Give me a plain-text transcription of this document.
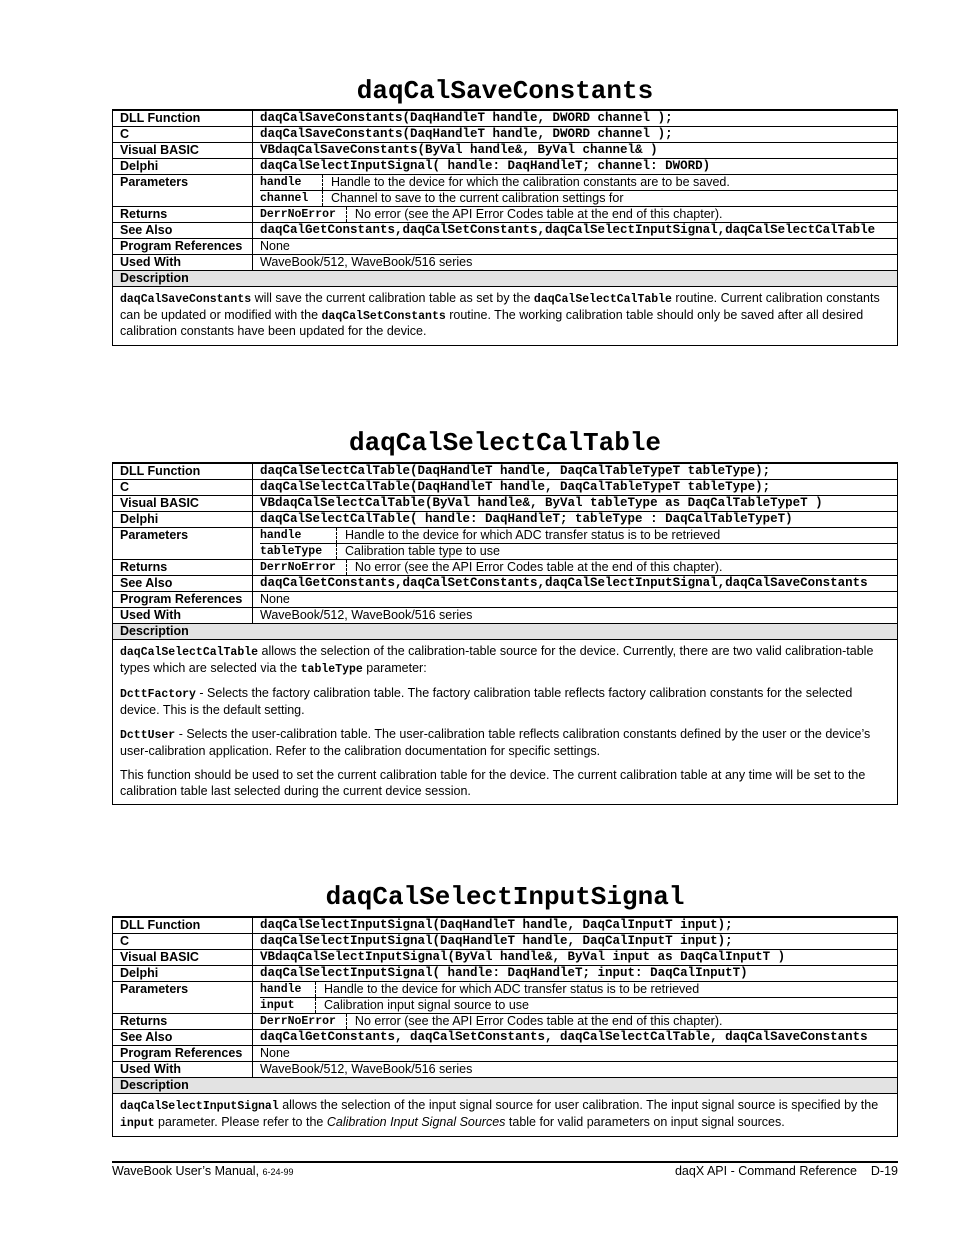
daqCalSaveConstants
DLL Function	daqCalSaveConstants(DaqHandleT handle, DWORD channel );
C	daqCalSaveConstants(DaqHandleT handle, DWORD channel );
Visual BASIC	VBdaqCalSaveConstants(ByVal handle&, ByVal channel& )
Delphi	daqCalSelectInputSignal( handle: DaqHandleT; channel: DWORD)
Parameters	handle Handle to the device for which the calibration constants are to be saved.
channel Channel to save to the current calibration settings for

Returns	DerrNoError No error (see the API Error Codes table at the end of this chapter).

See Also	daqCalGetConstants,daqCalSetConstants,daqCalSelectInputSignal,daqCalSelectCalTable
Program References	None
Used With	WaveBook/512, WaveBook/516 series
Description	

daqCalSaveConstants will save the current calibration table as set by the daqCalSelectCalTable routine. Current calibration constants can be updated or modified with the daqCalSetConstants routine. The working calibration table should only be saved after all desired calibration constants have been updated for the device.	

daqCalSelectCalTable
DLL Function	daqCalSelectCalTable(DaqHandleT handle, DaqCalTableTypeT tableType);
C	daqCalSelectCalTable(DaqHandleT handle, DaqCalTableTypeT tableType);
Visual BASIC	VBdaqCalSelectCalTable(ByVal handle&, ByVal tableType as DaqCalTableTypeT )
Delphi	daqCalSelectCalTable( handle: DaqHandleT; tableType : DaqCalTableTypeT)
Parameters	handle Handle to the device for which ADC transfer status is to be retrieved
tableType Calibration table type to use

Returns	DerrNoError No error (see the API Error Codes table at the end of this chapter).

See Also	daqCalGetConstants,daqCalSetConstants,daqCalSelectInputSignal,daqCalSaveConstants
Program References	None
Used With	WaveBook/512, WaveBook/516 series
Description	

daqCalSelectCalTable allows the selection of the calibration-table source for the device. Currently, there are two valid calibration-table types which are selected via the tableType parameter:

DcttFactory - Selects the factory calibration table. The factory calibration table reflects factory calibration constants for the selected device. This is the default setting.

DcttUser - Selects the user-calibration table. The user-calibration table reflects calibration constants defined by the user or the device’s user-calibration application. Refer to the calibration documentation for specific settings.

This function should be used to set the current calibration table for the device. The current calibration table at any time will be set to the calibration table last selected during the current device session.	

daqCalSelectInputSignal
DLL Function	daqCalSelectInputSignal(DaqHandleT handle, DaqCalInputT input);
C	daqCalSelectInputSignal(DaqHandleT handle, DaqCalInputT input);
Visual BASIC	VBdaqCalSelectInputSignal(ByVal handle&, ByVal input as DaqCalInputT )
Delphi	daqCalSelectInputSignal( handle: DaqHandleT; input: DaqCalInputT)
Parameters	handle Handle to the device for which ADC transfer status is to be retrieved
input Calibration input signal source to use

Returns	DerrNoError No error (see the API Error Codes table at the end of this chapter).

See Also	daqCalGetConstants, daqCalSetConstants, daqCalSelectCalTable, daqCalSaveConstants
Program References	None
Used With	WaveBook/512, WaveBook/516 series
Description	

daqCalSelectInputSignal allows the selection of the input signal source for user calibration. The input signal source is specified by the input parameter. Please refer to the Calibration Input Signal Sources table for valid parameters on input signal sources.	

WaveBook User’s Manual, 6-24-99	daqX API - Command Reference    D-19
